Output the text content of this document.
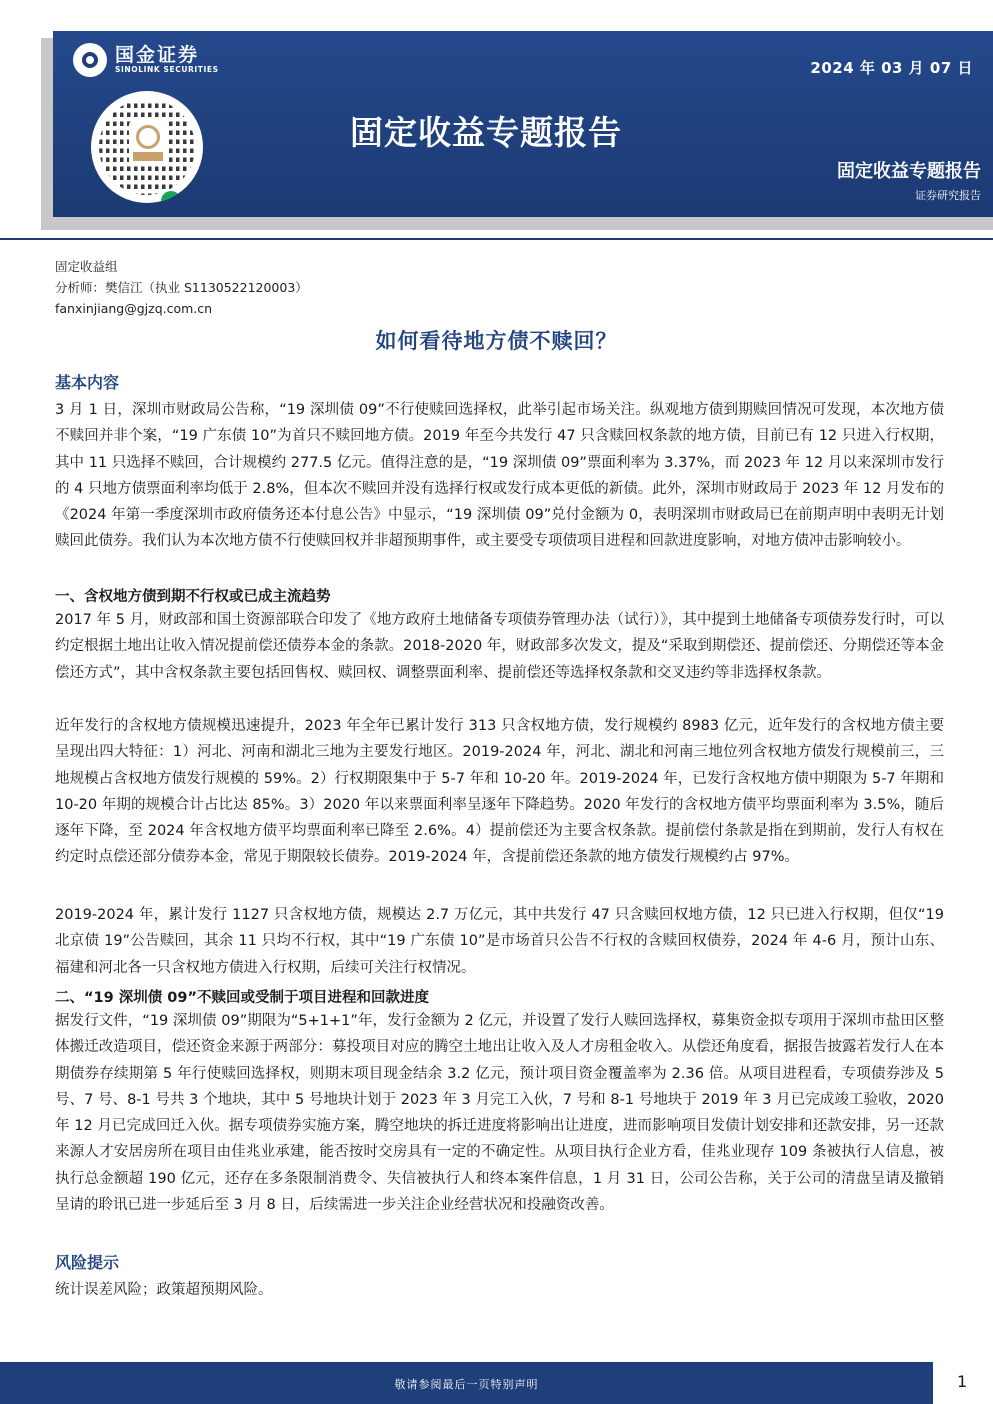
国金证券
SINOLINK SECURITIES	2024 年 03 月 07 日
固定收益专题报告
固定收益专题报告
证券研究报告
固定收益组
分析师：樊信江（执业 S1130522120003）
fanxinjiang@gjzq.com.cn
如何看待地方债不赎回？
基本内容
3 月 1 日，深圳市财政局公告称，“19 深圳债 09”不行使赎回选择权，此举引起市场关注。纵观地方债到期赎回情况可发现，本次地方债不赎回并非个案，“19 广东债 10”为首只不赎回地方债。2019 年至今共发行 47 只含赎回权条款的地方债，目前已有 12 只进入行权期，其中 11 只选择不赎回，合计规模约 277.5 亿元。值得注意的是，“19 深圳债 09”票面利率为 3.37%，而 2023 年 12 月以来深圳市发行的 4 只地方债票面利率均低于 2.8%，但本次不赎回并没有选择行权或发行成本更低的新债。此外，深圳市财政局于 2023 年 12 月发布的《2024 年第一季度深圳市政府债务还本付息公告》中显示，“19 深圳债 09”兑付金额为 0，表明深圳市财政局已在前期声明中表明无计划赎回此债券。我们认为本次地方债不行使赎回权并非超预期事件，或主要受专项债项目进程和回款进度影响，对地方债冲击影响较小。
一、含权地方债到期不行权或已成主流趋势
2017 年 5 月，财政部和国土资源部联合印发了《地方政府土地储备专项债券管理办法（试行）》，其中提到土地储备专项债券发行时，可以约定根据土地出让收入情况提前偿还债券本金的条款。2018-2020 年，财政部多次发文，提及“采取到期偿还、提前偿还、分期偿还等本金偿还方式”，其中含权条款主要包括回售权、赎回权、调整票面利率、提前偿还等选择权条款和交叉违约等非选择权条款。
近年发行的含权地方债规模迅速提升，2023 年全年已累计发行 313 只含权地方债，发行规模约 8983 亿元，近年发行的含权地方债主要呈现出四大特征：1）河北、河南和湖北三地为主要发行地区。2019-2024 年，河北、湖北和河南三地位列含权地方债发行规模前三，三地规模占含权地方债发行规模的 59%。2）行权期限集中于 5-7 年和 10-20 年。2019-2024 年，已发行含权地方债中期限为 5-7 年期和 10-20 年期的规模合计占比达 85%。3）2020 年以来票面利率呈逐年下降趋势。2020 年发行的含权地方债平均票面利率为 3.5%，随后逐年下降，至 2024 年含权地方债平均票面利率已降至 2.6%。4）提前偿还为主要含权条款。提前偿付条款是指在到期前，发行人有权在约定时点偿还部分债券本金，常见于期限较长债券。2019-2024 年，含提前偿还条款的地方债发行规模约占 97%。
2019-2024 年，累计发行 1127 只含权地方债，规模达 2.7 万亿元，其中共发行 47 只含赎回权地方债，12 只已进入行权期，但仅“19 北京债 19”公告赎回，其余 11 只均不行权，其中“19 广东债 10”是市场首只公告不行权的含赎回权债券，2024 年 4-6 月，预计山东、福建和河北各一只含权地方债进入行权期，后续可关注行权情况。
二、“19 深圳债 09”不赎回或受制于项目进程和回款进度
据发行文件，“19 深圳债 09”期限为“5+1+1”年，发行金额为 2 亿元，并设置了发行人赎回选择权，募集资金拟专项用于深圳市盐田区整体搬迁改造项目，偿还资金来源于两部分：募投项目对应的腾空土地出让收入及人才房租金收入。从偿还角度看，据报告披露若发行人在本期债券存续期第 5 年行使赎回选择权，则期末项目现金结余 3.2 亿元，预计项目资金覆盖率为 2.36 倍。从项目进程看，专项债券涉及 5 号、7 号、8-1 号共 3 个地块，其中 5 号地块计划于 2023 年 3 月完工入伙，7 号和 8-1 号地块于 2019 年 3 月已完成竣工验收，2020 年 12 月已完成回迁入伙。据专项债券实施方案，腾空地块的拆迁进度将影响出让进度，进而影响项目发债计划安排和还款安排，另一还款来源人才安居房所在项目由佳兆业承建，能否按时交房具有一定的不确定性。从项目执行企业方看，佳兆业现存 109 条被执行人信息，被执行总金额超 190 亿元，还存在多条限制消费令、失信被执行人和终本案件信息，1 月 31 日，公司公告称，关于公司的清盘呈请及撤销呈请的聆讯已进一步延后至 3 月 8 日，后续需进一步关注企业经营状况和投融资改善。
风险提示
统计误差风险；政策超预期风险。
敬请参阅最后一页特别声明	1
